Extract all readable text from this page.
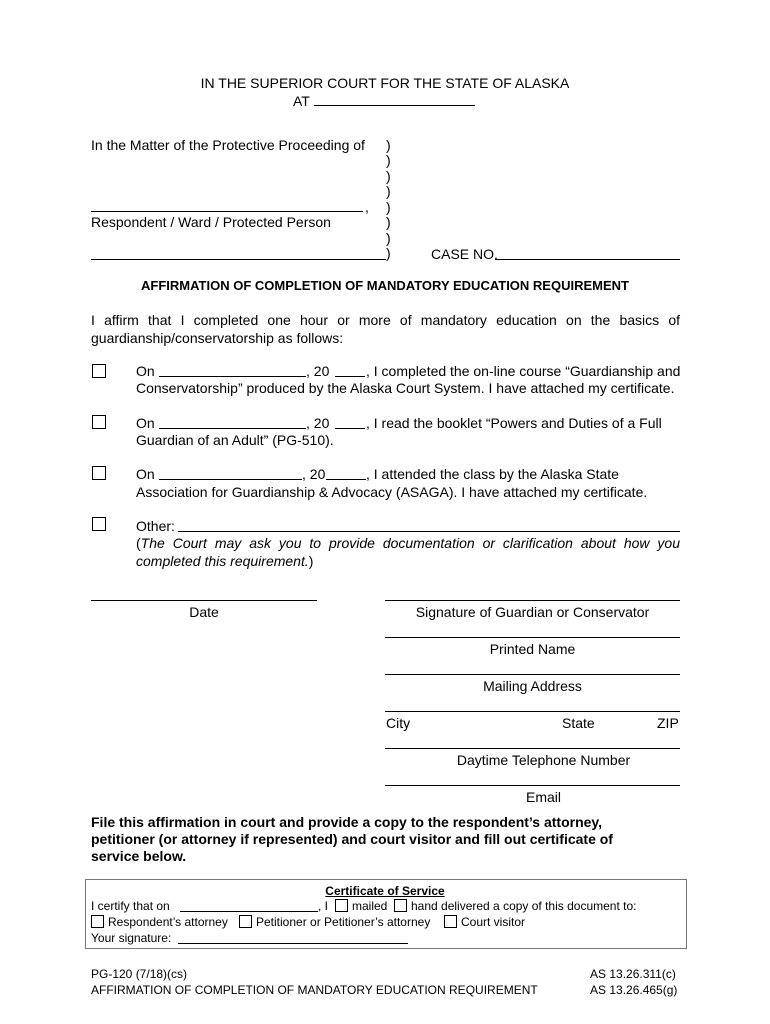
IN THE SUPERIOR COURT FOR THE STATE OF ALASKA
AT
In the Matter of the Protective Proceeding of
,
Respondent / Ward / Protected Person
)
)
)
)
)
)
)
)	CASE NO.
AFFIRMATION OF COMPLETION OF MANDATORY EDUCATION REQUIREMENT
I affirm that I completed one hour or more of mandatory education on the basics of
guardianship/conservatorship as follows:
On	, 20	, I completed the on-line course “Guardianship and
Conservatorship” produced by the Alaska Court System. I have attached my certificate.
On	, 20	, I read the booklet “Powers and Duties of a Full
Guardian of an Adult” (PG-510).
On	, 20	, I attended the class by the Alaska State
Association for Guardianship & Advocacy (ASAGA). I have attached my certificate.
Other:
(The Court may ask you to provide documentation or clarification about how you
completed this requirement.)
Date	Signature of Guardian or Conservator
Printed Name
Mailing Address
City	State	ZIP
Daytime Telephone Number
Email
File this affirmation in court and provide a copy to the respondent’s attorney,
petitioner (or attorney if represented) and court visitor and fill out certificate of
service below.
Certificate of Service
I certify that on	, I mailed hand delivered a copy of this document to:
Respondent’s attorney Petitioner or Petitioner’s attorney	Court visitor
Your signature:
PG-120 (7/18)(cs)
AFFIRMATION OF COMPLETION OF MANDATORY EDUCATION REQUIREMENT
AS 13.26.311(c)
AS 13.26.465(g)
